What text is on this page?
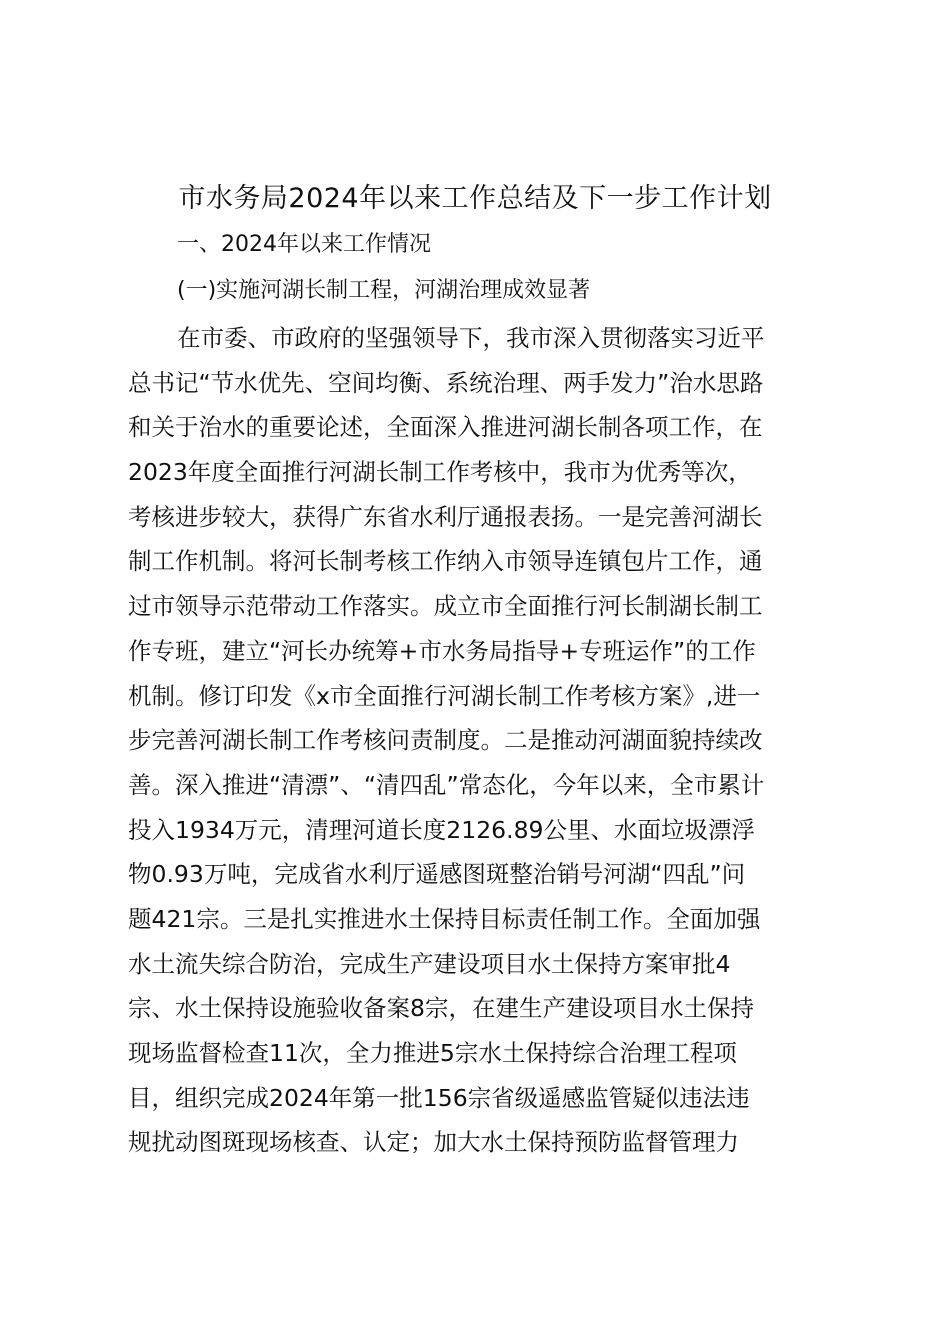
市水务局2024年以来工作总结及下一步工作计划
一、2024年以来工作情况
(一)实施河湖长制工程，河湖治理成效显著
在市委、市政府的坚强领导下，我市深入贯彻落实习近平
总书记“节水优先、空间均衡、系统治理、两手发力”治水思路
和关于治水的重要论述，全面深入推进河湖长制各项工作，在
2023年度全面推行河湖长制工作考核中，我市为优秀等次，
考核进步较大，获得广东省水利厅通报表扬。一是完善河湖长
制工作机制。将河长制考核工作纳入市领导连镇包片工作，通
过市领导示范带动工作落实。成立市全面推行河长制湖长制工
作专班，建立“河长办统筹+市水务局指导+专班运作”的工作
机制。修订印发《x市全面推行河湖长制工作考核方案》,进一
步完善河湖长制工作考核问责制度。二是推动河湖面貌持续改
善。深入推进“清漂”、“清四乱”常态化，今年以来，全市累计
投入1934万元，清理河道长度2126.89公里、水面垃圾漂浮
物0.93万吨，完成省水利厅遥感图斑整治销号河湖“四乱”问
题421宗。三是扎实推进水土保持目标责任制工作。全面加强
水土流失综合防治，完成生产建设项目水土保持方案审批4
宗、水土保持设施验收备案8宗，在建生产建设项目水土保持
现场监督检查11次，全力推进5宗水土保持综合治理工程项
目，组织完成2024年第一批156宗省级遥感监管疑似违法违
规扰动图斑现场核查、认定；加大水土保持预防监督管理力
